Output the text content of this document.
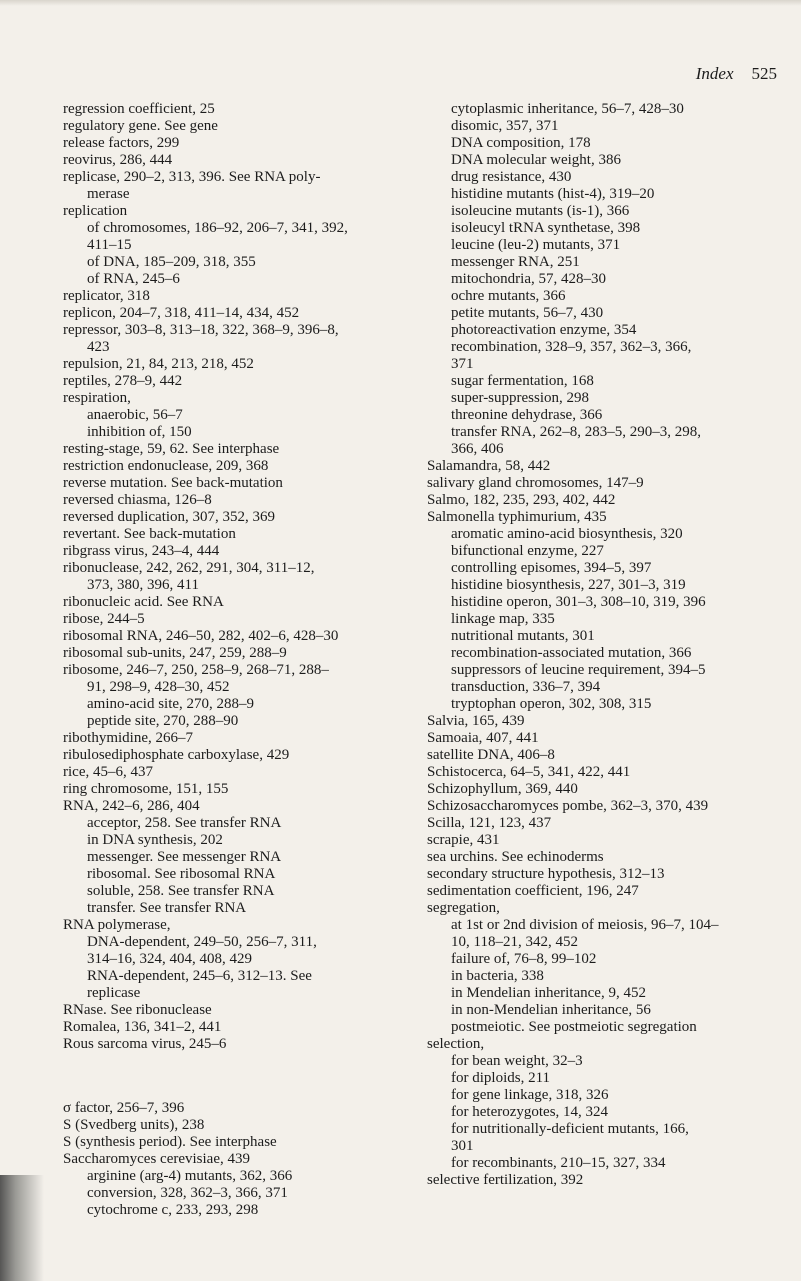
Index 525

regression coefficient, 25

regulatory gene. See gene

release factors, 299

reovirus, 286, 444

replicase, 290–2, 313, 396. See RNA poly-

merase

replication

of chromosomes, 186–92, 206–7, 341, 392,

411–15

of DNA, 185–209, 318, 355

of RNA, 245–6

replicator, 318

replicon, 204–7, 318, 411–14, 434, 452

repressor, 303–8, 313–18, 322, 368–9, 396–8,

423

repulsion, 21, 84, 213, 218, 452

reptiles, 278–9, 442

respiration,

anaerobic, 56–7

inhibition of, 150

resting-stage, 59, 62. See interphase

restriction endonuclease, 209, 368

reverse mutation. See back-mutation

reversed chiasma, 126–8

reversed duplication, 307, 352, 369

revertant. See back-mutation

ribgrass virus, 243–4, 444

ribonuclease, 242, 262, 291, 304, 311–12,

373, 380, 396, 411

ribonucleic acid. See RNA

ribose, 244–5

ribosomal RNA, 246–50, 282, 402–6, 428–30

ribosomal sub-units, 247, 259, 288–9

ribosome, 246–7, 250, 258–9, 268–71, 288–

91, 298–9, 428–30, 452

amino-acid site, 270, 288–9

peptide site, 270, 288–90

ribothymidine, 266–7

ribulosediphosphate carboxylase, 429

rice, 45–6, 437

ring chromosome, 151, 155

RNA, 242–6, 286, 404

acceptor, 258. See transfer RNA

in DNA synthesis, 202

messenger. See messenger RNA

ribosomal. See ribosomal RNA

soluble, 258. See transfer RNA

transfer. See transfer RNA

RNA polymerase,

DNA-dependent, 249–50, 256–7, 311,

314–16, 324, 404, 408, 429

RNA-dependent, 245–6, 312–13. See

replicase

RNase. See ribonuclease

Romalea, 136, 341–2, 441

Rous sarcoma virus, 245–6

σ factor, 256–7, 396

S (Svedberg units), 238

S (synthesis period). See interphase

Saccharomyces cerevisiae, 439

arginine (arg-4) mutants, 362, 366

conversion, 328, 362–3, 366, 371

cytochrome c, 233, 293, 298

cytoplasmic inheritance, 56–7, 428–30

disomic, 357, 371

DNA composition, 178

DNA molecular weight, 386

drug resistance, 430

histidine mutants (hist-4), 319–20

isoleucine mutants (is-1), 366

isoleucyl tRNA synthetase, 398

leucine (leu-2) mutants, 371

messenger RNA, 251

mitochondria, 57, 428–30

ochre mutants, 366

petite mutants, 56–7, 430

photoreactivation enzyme, 354

recombination, 328–9, 357, 362–3, 366,

371

sugar fermentation, 168

super-suppression, 298

threonine dehydrase, 366

transfer RNA, 262–8, 283–5, 290–3, 298,

366, 406

Salamandra, 58, 442

salivary gland chromosomes, 147–9

Salmo, 182, 235, 293, 402, 442

Salmonella typhimurium, 435

aromatic amino-acid biosynthesis, 320

bifunctional enzyme, 227

controlling episomes, 394–5, 397

histidine biosynthesis, 227, 301–3, 319

histidine operon, 301–3, 308–10, 319, 396

linkage map, 335

nutritional mutants, 301

recombination-associated mutation, 366

suppressors of leucine requirement, 394–5

transduction, 336–7, 394

tryptophan operon, 302, 308, 315

Salvia, 165, 439

Samoaia, 407, 441

satellite DNA, 406–8

Schistocerca, 64–5, 341, 422, 441

Schizophyllum, 369, 440

Schizosaccharomyces pombe, 362–3, 370, 439

Scilla, 121, 123, 437

scrapie, 431

sea urchins. See echinoderms

secondary structure hypothesis, 312–13

sedimentation coefficient, 196, 247

segregation,

at 1st or 2nd division of meiosis, 96–7, 104–

10, 118–21, 342, 452

failure of, 76–8, 99–102

in bacteria, 338

in Mendelian inheritance, 9, 452

in non-Mendelian inheritance, 56

postmeiotic. See postmeiotic segregation

selection,

for bean weight, 32–3

for diploids, 211

for gene linkage, 318, 326

for heterozygotes, 14, 324

for nutritionally-deficient mutants, 166,

301

for recombinants, 210–15, 327, 334

selective fertilization, 392
